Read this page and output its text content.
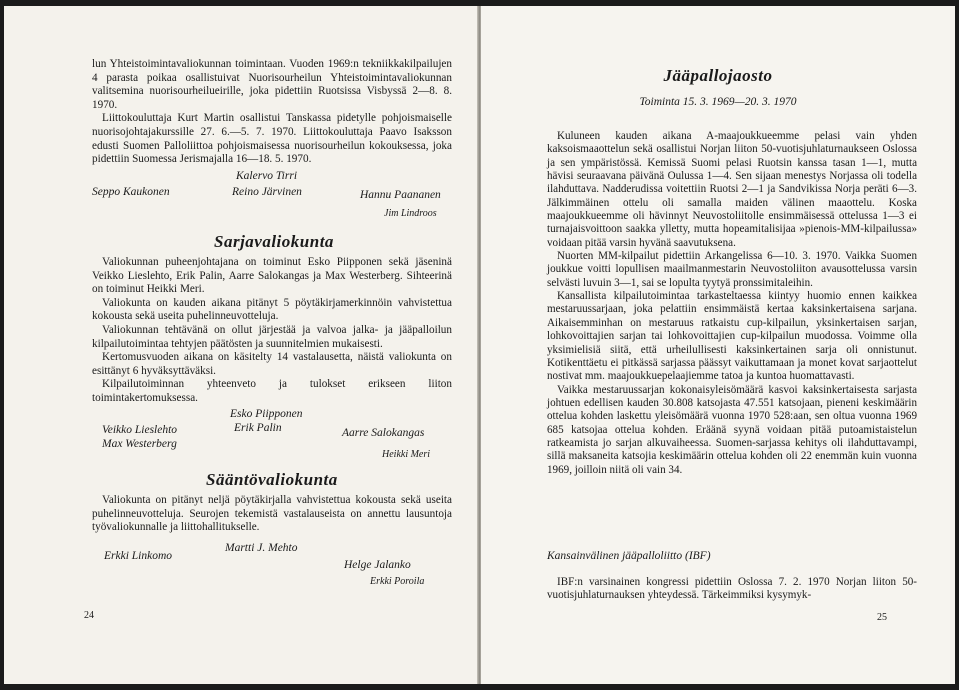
lun Yhteistoimintavaliokunnan toimintaan. Vuoden 1969:n tekniikkakilpailujen 4 parasta poikaa osallistuivat Nuorisourheilun Yhteistoimintavaliokunnan valitsemina nuorisourheilueirille, joka pidettiin Ruotsissa Visbyssä 2—8. 8. 1970.

Liittokouluttaja Kurt Martin osallistui Tanskassa pidetylle pohjoismaiselle nuorisojohtajakurssille 27. 6.—5. 7. 1970. Liittokouluttaja Paavo Isaksson edusti Suomen Palloliittoa pohjoismaisessa nuorisourheilun kokouksessa, joka pidettiin Suomessa Jerismajalla 16—18. 5. 1970.

Kalervo Tirri
Seppo Kaukonen	Reino Järvinen	Hannu Paananen
Jim Lindroos
Sarjavaliokunta

Valiokunnan puheenjohtajana on toiminut Esko Piipponen sekä jäseninä Veikko Lieslehto, Erik Palin, Aarre Salokangas ja Max Westerberg. Sihteerinä on toiminut Heikki Meri.

Valiokunta on kauden aikana pitänyt 5 pöytäkirjamerkinnöin vahvistettua kokousta sekä useita puhelinneuvotteluja.

Valiokunnan tehtävänä on ollut järjestää ja valvoa jalka- ja jääpalloilun kilpailutoimintaa tehtyjen päätösten ja suunnitelmien mukaisesti.

Kertomusvuoden aikana on käsitelty 14 vastalausetta, näistä valiokunta on esittänyt 6 hyväksyttäväksi.

Kilpailutoiminnan yhteenveto ja tulokset erikseen liiton toimintakertomuksessa.

Esko Piipponen
Veikko Lieslehto	Erik Palin	Aarre Salokangas
Max Westerberg
Heikki Meri
Sääntövaliokunta

Valiokunta on pitänyt neljä pöytäkirjalla vahvistettua kokousta sekä useita puhelinneuvotteluja. Seurojen tekemistä vastalauseista on annettu lausuntoja työvaliokunnalle ja liittohallitukselle.

Martti J. Mehto
Erkki Linkomo
Helge Jalanko
Erkki Poroila
24
Jääpallojaosto
Toiminta 15. 3. 1969—20. 3. 1970

Kuluneen kauden aikana A-maajoukkueemme pelasi vain yhden kaksoismaaottelun sekä osallistui Norjan liiton 50-vuotisjuhlaturnaukseen Oslossa ja sen ympäristössä. Kemissä Suomi pelasi Ruotsin kanssa tasan 1—1, mutta hävisi seuraavana päivänä Oulussa 1—4. Sen sijaan menestys Norjassa oli todella ilahduttava. Nadderudissa voitettiin Ruotsi 2—1 ja Sandvikissa Norja peräti 6—3. Jälkimmäinen ottelu oli samalla maiden välinen maaottelu. Koska maajoukkueemme oli hävinnyt Neuvostoliitolle ensimmäisessä ottelussa 1—3 ei turnajaisvoittoon saakka ylletty, mutta hopeamitalisijaa »pienois-MM-kilpailussa» voidaan pitää varsin hyvänä saavutuksena.

Nuorten MM-kilpailut pidettiin Arkangelissa 6—10. 3. 1970. Vaikka Suomen joukkue voitti lopullisen maailmanmestarin Neuvostoliiton avausottelussa varsin selvästi luvuin 3—1, sai se lopulta tyytyä pronssimitaleihin.

Kansallista kilpailutoimintaa tarkasteltaessa kiintyy huomio ennen kaikkea mestaruussarjaan, joka pelattiin ensimmäistä kertaa kaksinkertaisena sarjana. Aikaisemminhan on mestaruus ratkaistu cup-kilpailun, yksinkertaisen sarjan, lohkovoittajien sarjan tai lohkovoittajien cup-kilpailun muodossa. Voimme olla yksimielisiä siitä, että urheilullisesti kaksinkertainen sarja oli onnistunut. Kotikenttäetu ei pitkässä sarjassa päässyt vaikuttamaan ja monet kovat sarjaottelut nostivat mm. maajoukkuepelaajiemme tatoa ja kuntoa huomattavasti.

Vaikka mestaruussarjan kokonaisyleisömäärä kasvoi kaksinkertaisesta sarjasta johtuen edellisen kauden 30.808 katsojasta 47.551 katsojaan, pieneni keskimäärin ottelua kohden laskettu yleisömäärä vuonna 1970 528:aan, sen oltua vuonna 1969 685 katsojaa ottelua kohden. Eräänä syynä voidaan pitää putoamistaistelun ratkeamista jo sarjan alkuvaiheessa. Suomen-sarjassa kehitys oli ilahduttavampi, sillä maksaneita katsojia keskimäärin ottelua kohden oli 22 enemmän kuin vuonna 1969, joilloin niitä oli vain 34.

Kansainvälinen jääpalloliitto (IBF)

IBF:n varsinainen kongressi pidettiin Oslossa 7. 2. 1970 Norjan liiton 50-vuotisjuhlaturnauksen yhteydessä. Tärkeimmiksi kysymyk-

25
